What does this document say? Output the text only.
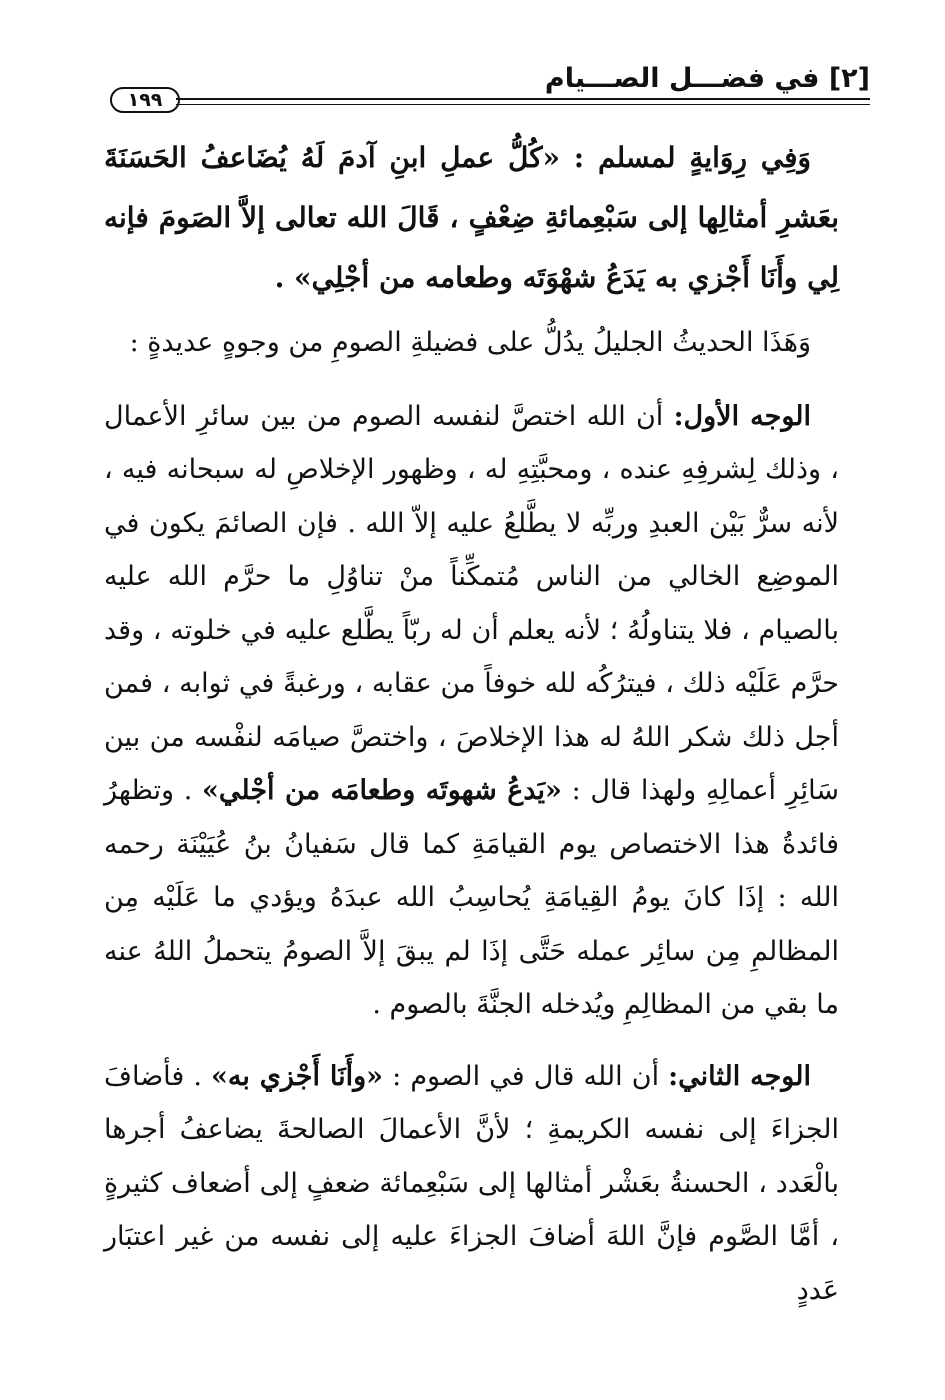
[٢] في فضـــل الصـــيام
١٩٩

وَفِي رِوَايةٍ لمسلم : «كُلُّ عملِ ابنِ آدمَ لَهُ يُضَاعفُ الحَسَنَةَ بعَشرِ أمثالِها إلى سَبْعِمائةِ ضِعْفٍ ، قَالَ الله تعالى إلاَّ الصَومَ فإنه لِي وأَنَا أَجْزي به يَدَعُ شهْوَتَه وطعامه من أجْلِي» .

وَهَذَا الحديثُ الجليلُ يدُلُّ على فضيلةِ الصومِ من وجوهٍ عديدةٍ :

الوجه الأول: أن الله اختصَّ لنفسه الصوم من بين سائرِ الأعمال ، وذلك لِشرفِهِ عنده ، ومحبَّتِهِ له ، وظهور الإخلاصِ له سبحانه فيه ، لأنه سرٌّ بَيْن العبدِ وربِّه لا يطَّلعُ عليه إلاّ الله . فإن الصائمَ يكون في الموضِع الخالي من الناس مُتمكِّناً منْ تناوُلِ ما حرَّم الله عليه بالصيام ، فلا يتناولُهُ ؛ لأنه يعلم أن له ربّاً يطَّلع عليه في خلوته ، وقد حرَّم عَلَيْه ذلك ، فيترُكُه لله خوفاً من عقابه ، ورغبةً في ثوابه ، فمن أجل ذلك شكر اللهُ له هذا الإخلاصَ ، واختصَّ صيامَه لنفْسه من بين سَائِرِ أعمالِهِ ولهذا قال : «يَدعُ شهوتَه وطعامَه من أجْلي» . وتظهرُ فائدةُ هذا الاختصاص يوم القيامَةِ كما قال سَفيانُ بنُ عُيَيْنَة رحمه الله : إذَا كانَ يومُ القِيامَةِ يُحاسِبُ الله عبدَهُ ويؤدي ما عَلَيْه مِن المظالمِ مِن سائِر عمله حَتَّى إذَا لم يبقَ إلاَّ الصومُ يتحملُ اللهُ عنه ما بقي من المظالِمِ ويُدخله الجنَّةَ بالصوم .

الوجه الثاني: أن الله قال في الصوم : «وأَنَا أَجْزي به» . فأضافَ الجزاءَ إلى نفسه الكريمةِ ؛ لأنَّ الأعمالَ الصالحةَ يضاعفُ أجرها بالْعَدد ، الحسنةُ بعَشْر أمثالها إلى سَبْعِمائة ضعفٍ إلى أضعاف كثيرةٍ ، أمَّا الصَّوم فإنَّ اللهَ أضافَ الجزاءَ عليه إلى نفسه من غير اعتبَار عَددٍ
